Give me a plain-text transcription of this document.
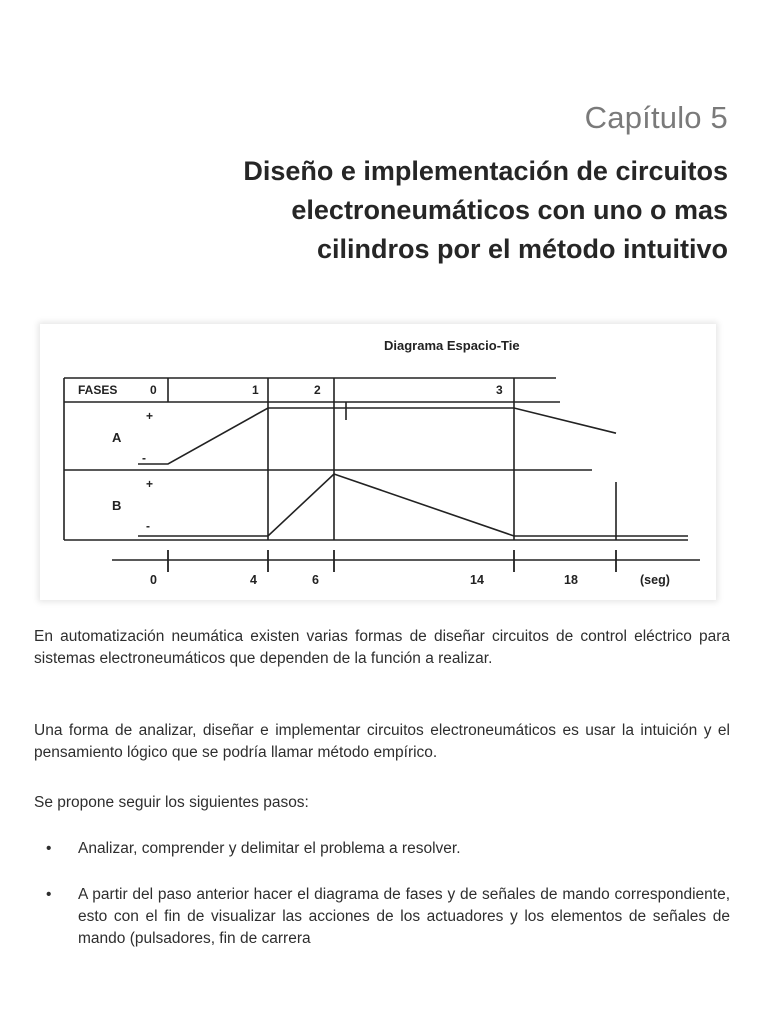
Capítulo 5
Diseño e implementación de circuitos
electroneumáticos con uno o mas
cilindros por el método intuitivo
Diagrama Espacio-Tie
FASES	0	1	2	3
+
A
-
+
B
-
0	4	6	14	18	(seg)
En automatización neumática existen varias formas de diseñar circuitos de control eléctrico para sistemas electroneumáticos que dependen de la función a realizar.
Una forma de analizar, diseñar e implementar circuitos electroneumáticos es usar la intuición y el pensamiento lógico que se podría llamar método empírico.
Se propone seguir los siguientes pasos:
• Analizar, comprender y delimitar el problema a resolver.
• A partir del paso anterior hacer el diagrama de fases y de señales de mando correspondiente, esto con el fin de visualizar las acciones de los actuadores y los elementos de señales de mando (pulsadores, fin de carrera
